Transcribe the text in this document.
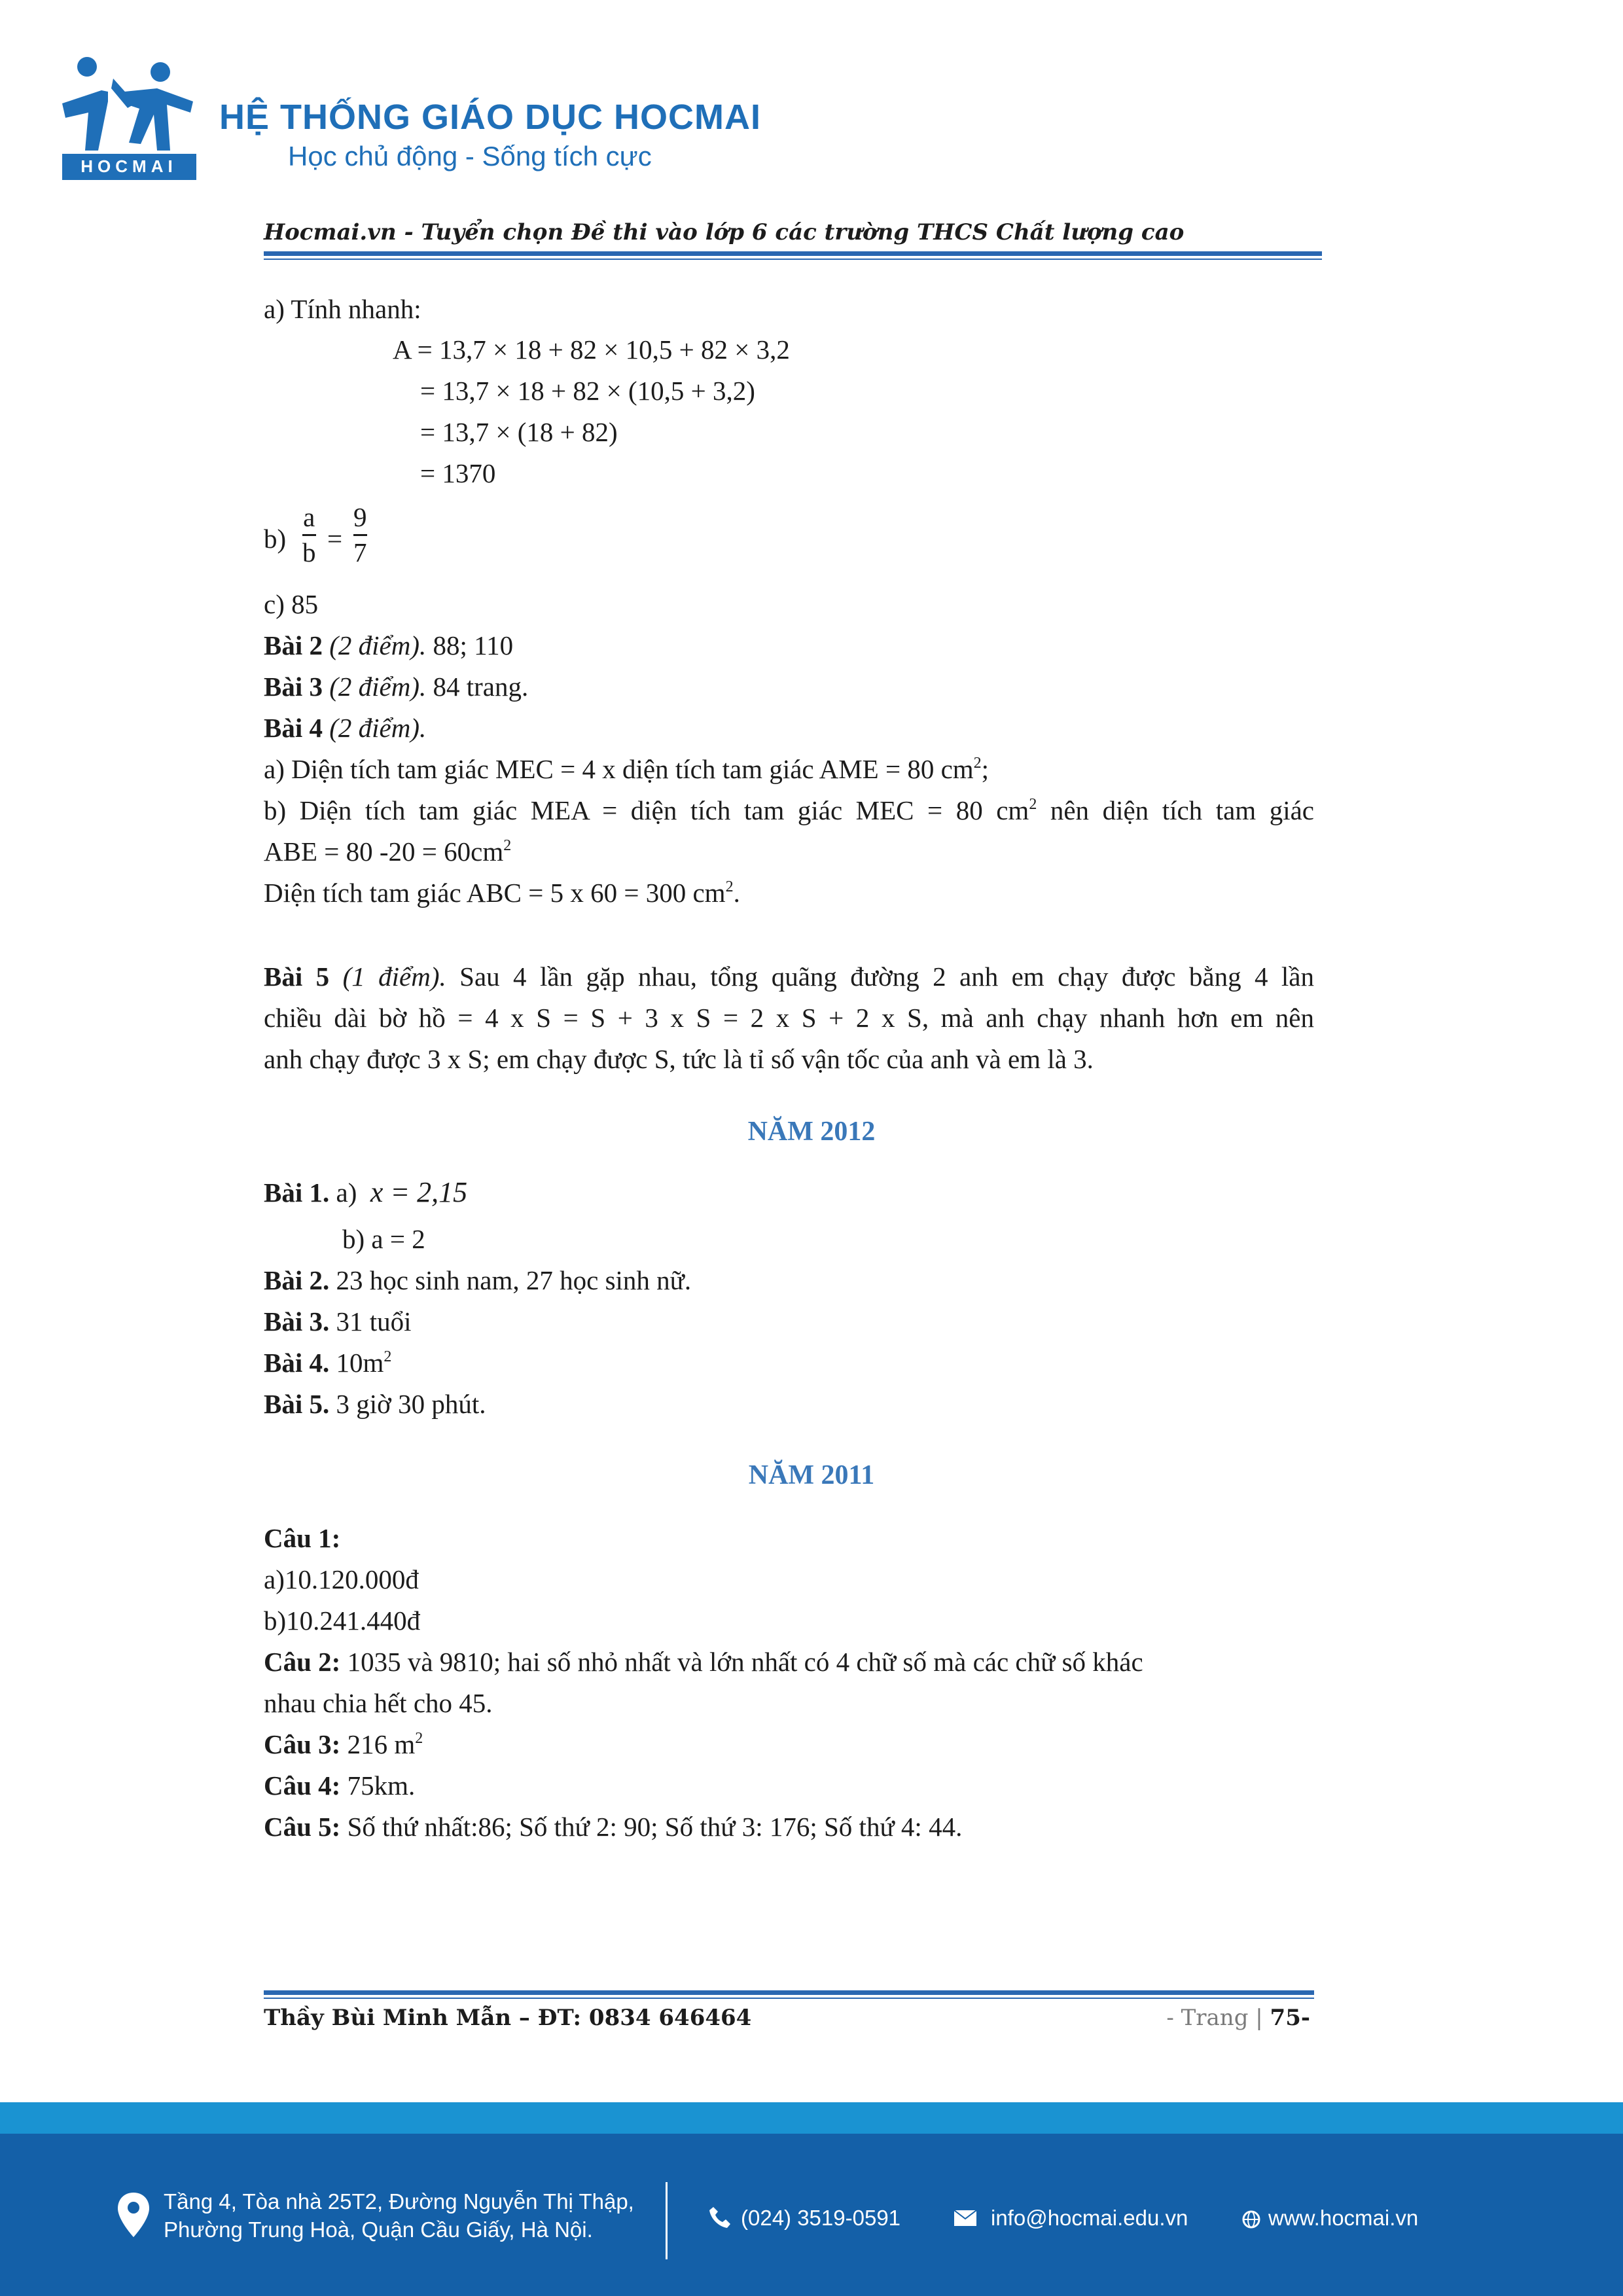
HOCMAI
HỆ THỐNG GIÁO DỤC HOCMAI
Học chủ động - Sống tích cực
Hocmai.vn - Tuyển chọn Đề thi vào lớp 6 các trường THCS Chất lượng cao
a) Tính nhanh:
A = 13,7 × 18 + 82 × 10,5 + 82 × 3,2
= 13,7 × 18 + 82 × (10,5 + 3,2)
= 13,7 × (18 + 82)
= 1370
b)
a
b =
9
7
c) 85
Bài 2 (2 điểm). 88; 110
Bài 3 (2 điểm). 84 trang.
Bài 4 (2 điểm).
a) Diện tích tam giác MEC = 4 x diện tích tam giác AME = 80 $cm^2$;
b) Diện tích tam giác MEA = diện tích tam giác MEC = 80 $cm^2$ nên diện tích tam giác
ABE = 80 $-20 = 60cm^2$
Diện tích tam giác ABC = 5 x 60 = 300 $cm^2$.
Bài 5 (1 điểm). Sau 4 lần gặp nhau, tổng quãng đường 2 anh em chạy được bằng 4 lần
chiều dài bờ hồ = 4 x S = S + 3 x S = 2 x S + 2 x S, mà anh chạy nhanh hơn em nên
anh chạy được 3 x S; em chạy được S, tức là tỉ số vận tốc của anh và em là 3.
NĂM 2012
Bài 1. a) x = 2,15
b) a = 2
Bài 2. 23 học sinh nam, 27 học sinh nữ.
Bài 3. 31 tuổi
Bài 4. $10m^2$
Bài 5. 3 giờ 30 phút.
NĂM 2011
Câu 1:
a)10.120.000đ
b)10.241.440đ
Câu 2: 1035 và 9810; hai số nhỏ nhất và lớn nhất có 4 chữ số mà các chữ số khác
nhau chia hết cho 45.
Câu 3: 216 $m^2$
Câu 4: 75km.
Câu 5: Số thứ nhất:86; Số thứ 2: 90; Số thứ 3: 176; Số thứ 4: 44.
Thầy Bùi Minh Mẫn – ĐT: 0834 646464	- Trang | 75-
Tầng 4, Tòa nhà 25T2, Đường Nguyễn Thị Thập,
Phường Trung Hoà, Quận Cầu Giấy, Hà Nội.	(024) 3519-0591	info@hocmai.edu.vn	www.hocmai.vn
